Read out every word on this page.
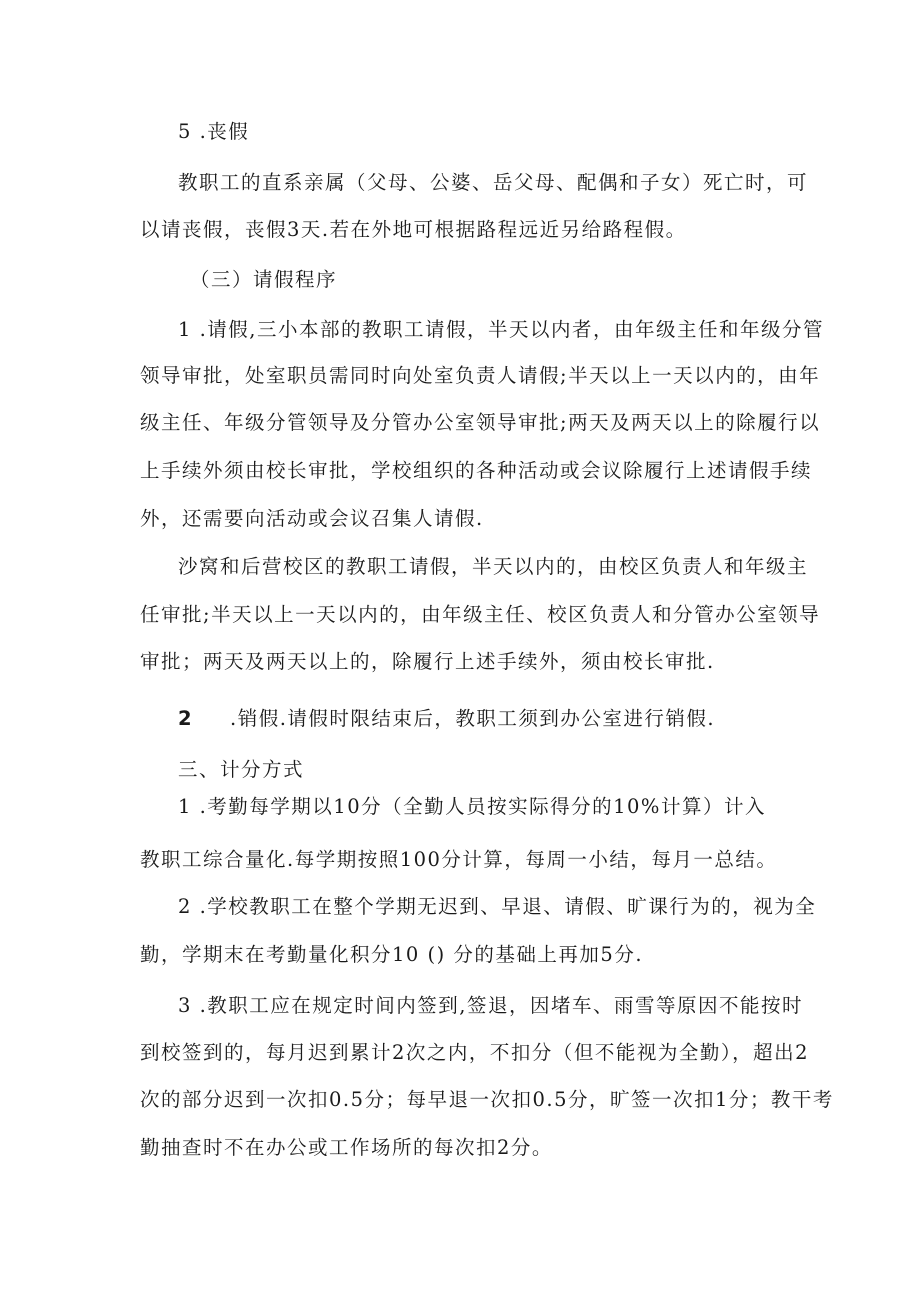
5 .丧假
教职工的直系亲属（父母、公婆、岳父母、配偶和子女）死亡时，可
以请丧假，丧假3天.若在外地可根据路程远近另给路程假。
（三）请假程序
1 .请假,三小本部的教职工请假，半天以内者，由年级主任和年级分管
领导审批，处室职员需同时向处室负责人请假;半天以上一天以内的，由年
级主任、年级分管领导及分管办公室领导审批;两天及两天以上的除履行以
上手续外须由校长审批，学校组织的各种活动或会议除履行上述请假手续
外，还需要向活动或会议召集人请假.
沙窝和后营校区的教职工请假，半天以内的，由校区负责人和年级主
任审批;半天以上一天以内的，由年级主任、校区负责人和分管办公室领导
审批；两天及两天以上的，除履行上述手续外，须由校长审批.
2 .销假.请假时限结束后，教职工须到办公室进行销假.
三、计分方式
1 .考勤每学期以10分（全勤人员按实际得分的10%计算）计入
教职工综合量化.每学期按照100分计算，每周一小结，每月一总结。
2 .学校教职工在整个学期无迟到、早退、请假、旷课行为的，视为全
勤，学期末在考勤量化积分10 () 分的基础上再加5分.
3 .教职工应在规定时间内签到,签退，因堵车、雨雪等原因不能按时
到校签到的，每月迟到累计2次之内，不扣分（但不能视为全勤），超出2
次的部分迟到一次扣0.5分；每早退一次扣0.5分，旷签一次扣1分；教干考
勤抽查时不在办公或工作场所的每次扣2分。
